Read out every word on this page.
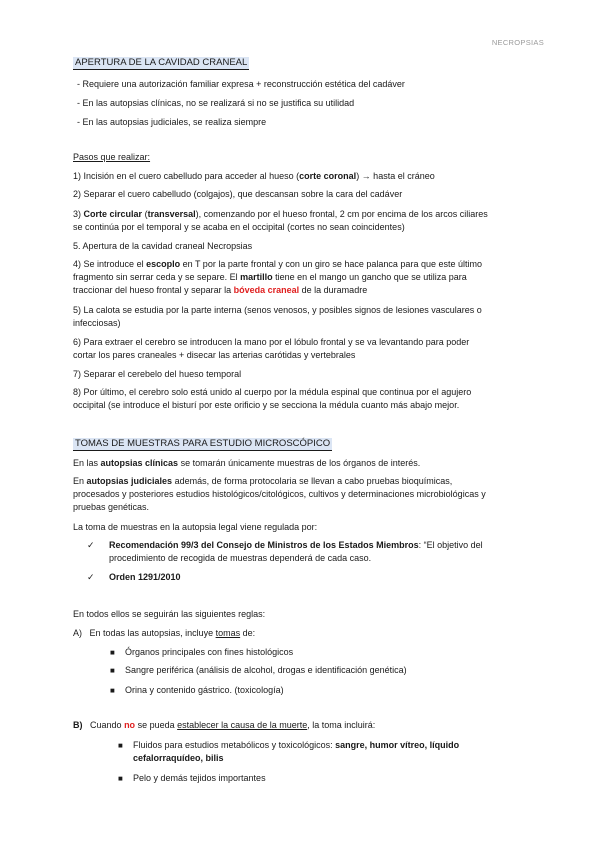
NECROPSIAS
APERTURA DE LA CAVIDAD CRANEAL
- Requiere una autorización familiar expresa + reconstrucción estética del cadáver
- En las autopsias clínicas, no se realizará si no se justifica su utilidad
- En las autopsias judiciales, se realiza siempre
Pasos que realizar:
1) Incisión en el cuero cabelludo para acceder al hueso (corte coronal) → hasta el cráneo
2) Separar el cuero cabelludo (colgajos), que descansan sobre la cara del cadáver
3) Corte circular (transversal), comenzando por el hueso frontal, 2 cm por encima de los arcos ciliares
se continúa por el temporal y se acaba en el occipital (cortes no sean coincidentes)
5. Apertura de la cavidad craneal Necropsias
4) Se introduce el escoplo en T por la parte frontal y con un giro se hace palanca para que este último
fragmento sin serrar ceda y se separe. El martillo tiene en el mango un gancho que se utiliza para
traccionar del hueso frontal y separar la bóveda craneal de la duramadre
5) La calota se estudia por la parte interna (senos venosos, y posibles signos de lesiones vasculares o
infecciosas)
6) Para extraer el cerebro se introducen la mano por el lóbulo frontal y se va levantando para poder
cortar los pares craneales + disecar las arterias carótidas y vertebrales
7) Separar el cerebelo del hueso temporal
8) Por último, el cerebro solo está unido al cuerpo por la médula espinal que continua por el agujero
occipital (se introduce el bisturí por este orificio y se secciona la médula cuanto más abajo mejor.
TOMAS DE MUESTRAS PARA ESTUDIO MICROSCÓPICO
En las autopsias clínicas se tomarán únicamente muestras de los órganos de interés.
En autopsias judiciales además, de forma protocolaria se llevan a cabo pruebas bioquímicas,
procesados y posteriores estudios histológicos/citológicos, cultivos y determinaciones microbiológicas y
pruebas genéticas.
La toma de muestras en la autopsia legal viene regulada por:
✓ Recomendación 99/3 del Consejo de Ministros de los Estados Miembros: “El objetivo del
procedimiento de recogida de muestras dependerá de cada caso.
✓ Orden 1291/2010
En todos ellos se seguirán las siguientes reglas:
A) En todas las autopsias, incluye tomas de:
■ Órganos principales con fines histológicos
■ Sangre periférica (análisis de alcohol, drogas e identificación genética)
■ Orina y contenido gástrico. (toxicología)
B) Cuando no se pueda establecer la causa de la muerte, la toma incluirá:
■ Fluidos para estudios metabólicos y toxicológicos: sangre, humor vítreo, líquido
cefalorraquídeo, bilis
■ Pelo y demás tejidos importantes
